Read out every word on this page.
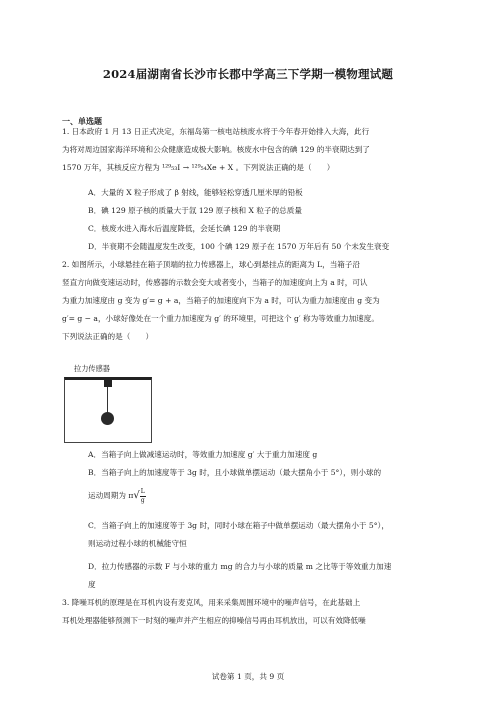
2024届湖南省长沙市长郡中学高三下学期一模物理试题
一、单选题
1. 日本政府 1 月 13 日正式决定，东福岛第一核电站核废水将于今年春开始排入大海，此行
为将对周边国家海洋环境和公众健康造成极大影响。核废水中包含的碘 129 的半衰期达到了
1570 万年，其核反应方程为 ¹²⁹₅₃I → ¹²⁹₅₄Xe + X 。下列说法正确的是（　　）
A．大量的 X 粒子形成了 β 射线，能够轻松穿透几厘米厚的铅板
B．碘 129 原子核的质量大于氙 129 原子核和 X 粒子的总质量
C．核废水进入海水后温度降低，会延长碘 129 的半衰期
D．半衰期不会随温度发生改变，100 个碘 129 原子在 1570 万年后有 50 个未发生衰变
2. 如图所示，小球悬挂在箱子顶端的拉力传感器上，球心到悬挂点的距离为 L，当箱子沿
竖直方向做变速运动时，传感器的示数会变大或者变小，当箱子的加速度向上为 a 时，可认
为重力加速度由 g 变为 g′= g + a，当箱子的加速度向下为 a 时，可认为重力加速度由 g 变为
g′= g − a，小球好像处在一个重力加速度为 g′ 的环境里，可把这个 g′ 称为等效重力加速度。
下列说法正确的是（　　）
拉力传感器
A．当箱子向上做减速运动时，等效重力加速度 g′ 大于重力加速度 g
B．当箱子向上的加速度等于 3g 时，且小球做单摆运动（最大摆角小于 5°），则小球的
运动周期为 $\pi√ \frac{L}{g}$
C．当箱子向上的加速度等于 3g 时，同时小球在箱子中做单摆运动（最大摆角小于 5°），
则运动过程小球的机械能守恒
D．拉力传感器的示数 F 与小球的重力 mg 的合力与小球的质量 m 之比等于等效重力加速
度
3. 降噪耳机的原理是在耳机内设有麦克风，用来采集周围环境中的噪声信号，在此基础上
耳机处理器能够预测下一时刻的噪声并产生相应的抑噪信号再由耳机放出，可以有效降低噪
试卷第 1 页，共 9 页
